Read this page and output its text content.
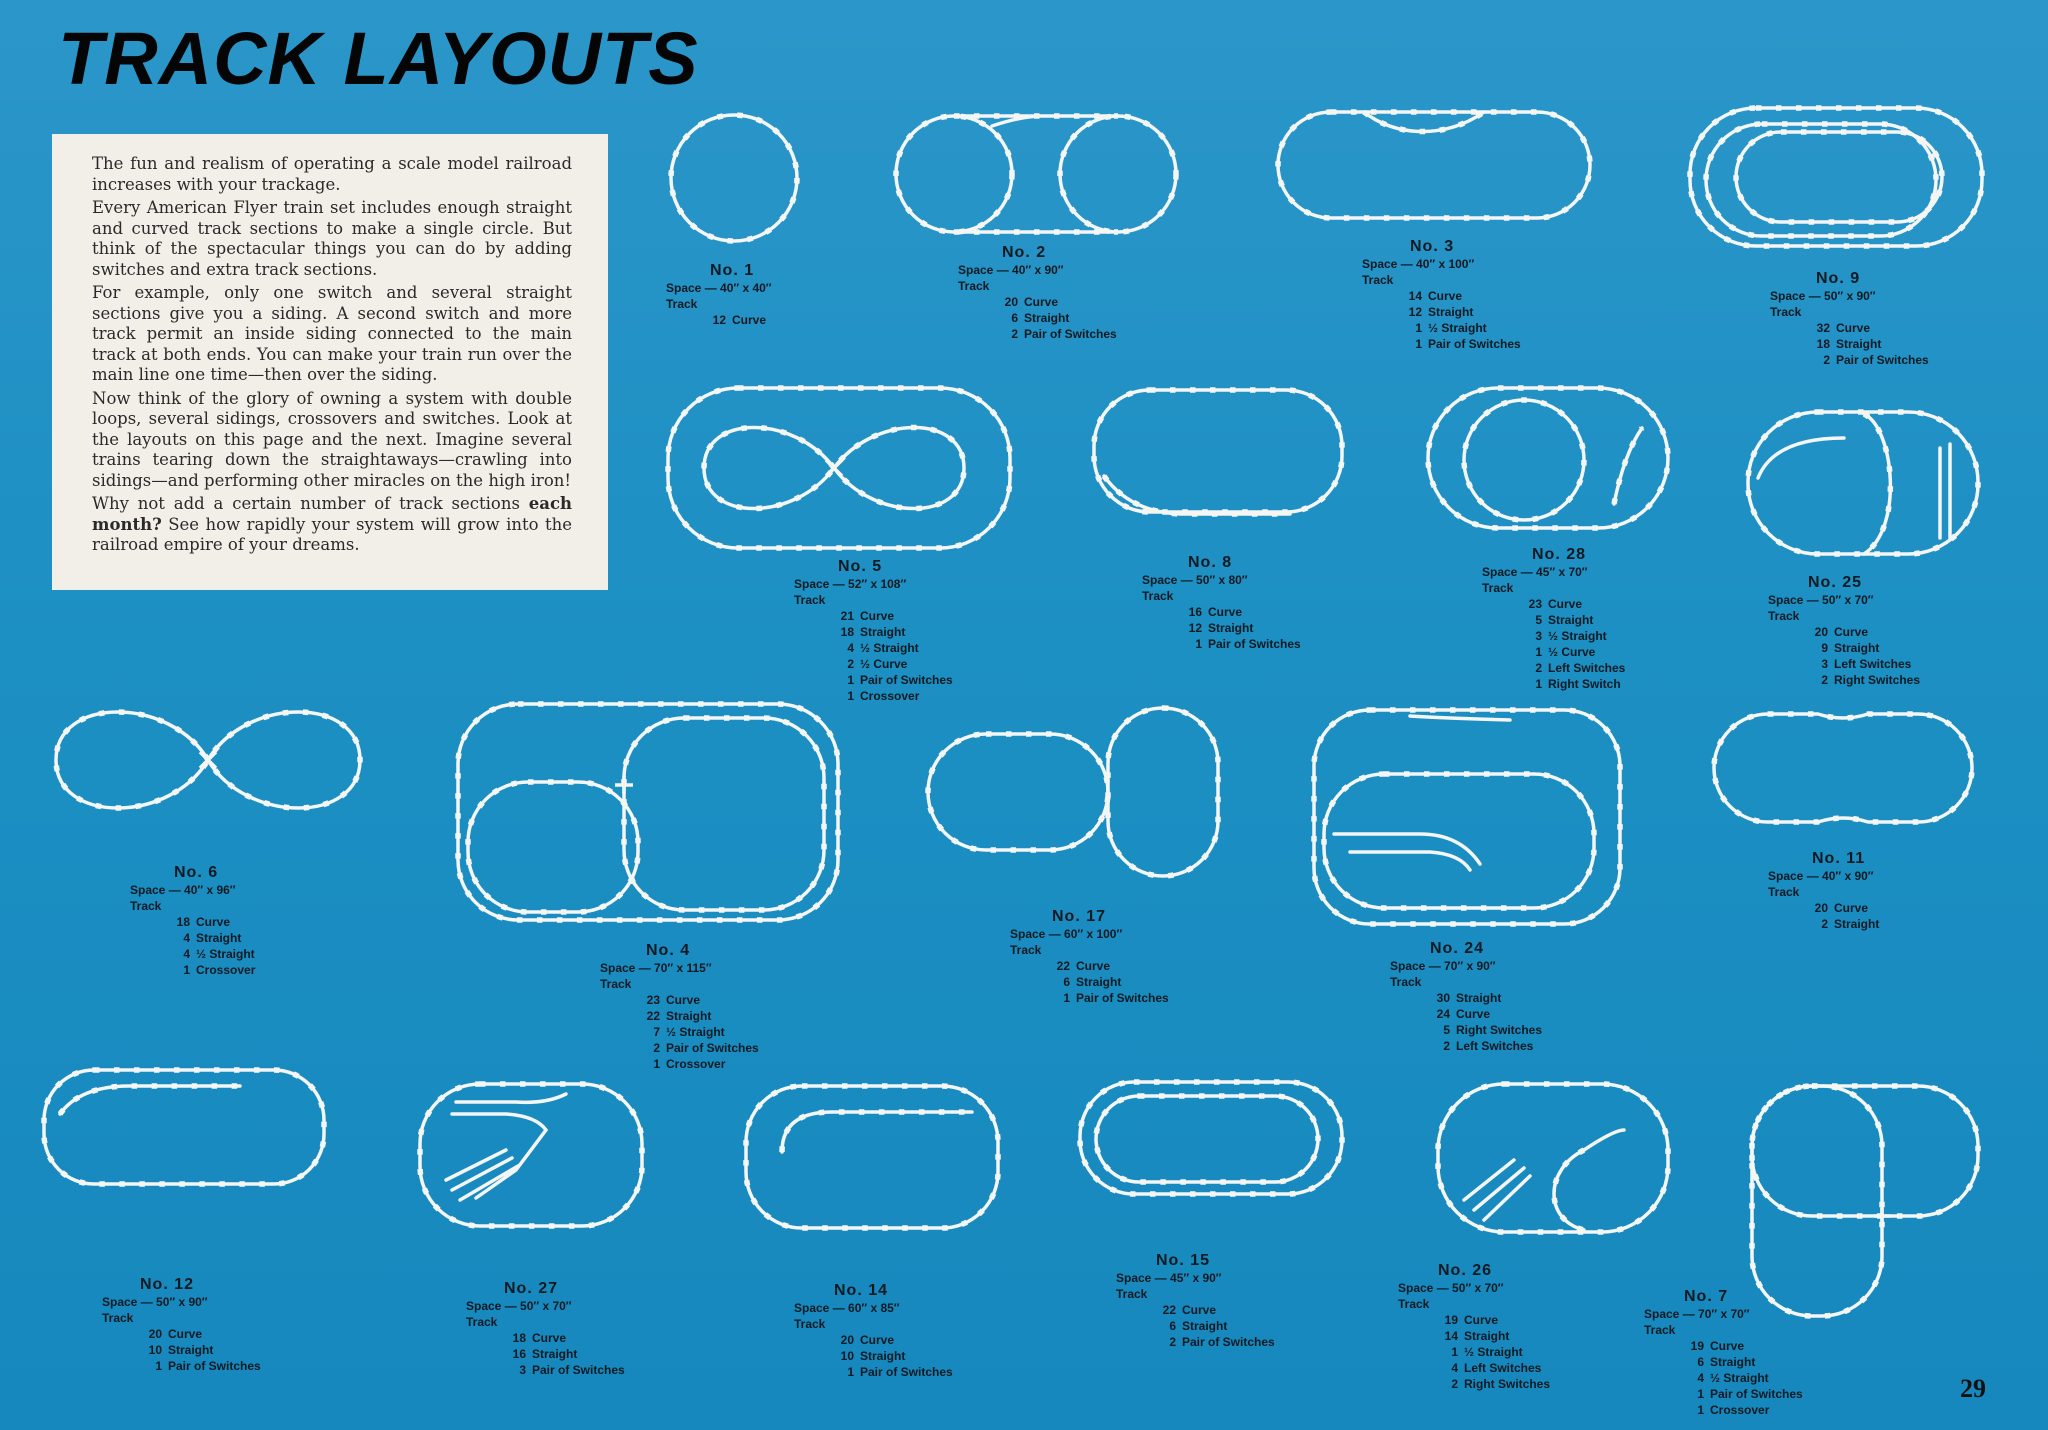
TRACK LAYOUTS

The fun and realism of operating a scale model railroad increases with your trackage.

Every American Flyer train set includes enough straight and curved track sections to make a single circle. But think of the spectacular things you can do by adding switches and extra track sections.

For example, only one switch and several straight sections give you a siding. A second switch and more track permit an inside siding connected to the main track at both ends. You can make your train run over the main line one time—then over the siding.

Now think of the glory of owning a system with double loops, several sidings, crossovers and switches. Look at the layouts on this page and the next. Imagine several trains tearing down the straightaways—crawling into sidings—and performing other miracles on the high iron!

Why not add a certain number of track sections each month? See how rapidly your system will grow into the railroad empire of your dreams.

No. 1
Space — 40″ x 40″
Track
12 Curve
No. 2
Space — 40″ x 90″
Track
20 Curve
6 Straight
2 Pair of Switches
No. 3
Space — 40″ x 100″
Track
14 Curve
12 Straight
1 ½ Straight
1 Pair of Switches
No. 9
Space — 50″ x 90″
Track
32 Curve
18 Straight
2 Pair of Switches
No. 5
Space — 52″ x 108″
Track
21 Curve
18 Straight
4 ½ Straight
2 ½ Curve
1 Pair of Switches
1 Crossover
No. 8
Space — 50″ x 80″
Track
16 Curve
12 Straight
1 Pair of Switches
No. 28
Space — 45″ x 70″
Track
23 Curve
5 Straight
3 ½ Straight
1 ½ Curve
2 Left Switches
1 Right Switch
No. 25
Space — 50″ x 70″
Track
20 Curve
9 Straight
3 Left Switches
2 Right Switches
No. 6
Space — 40″ x 96″
Track
18 Curve
4 Straight
4 ½ Straight
1 Crossover
No. 4
Space — 70″ x 115″
Track
23 Curve
22 Straight
7 ½ Straight
2 Pair of Switches
1 Crossover
No. 17
Space — 60″ x 100″
Track
22 Curve
6 Straight
1 Pair of Switches
No. 24
Space — 70″ x 90″
Track
30 Straight
24 Curve
5 Right Switches
2 Left Switches
No. 11
Space — 40″ x 90″
Track
20 Curve
2 Straight
No. 12
Space — 50″ x 90″
Track
20 Curve
10 Straight
1 Pair of Switches
No. 27
Space — 50″ x 70″
Track
18 Curve
16 Straight
3 Pair of Switches
No. 14
Space — 60″ x 85″
Track
20 Curve
10 Straight
1 Pair of Switches
No. 15
Space — 45″ x 90″
Track
22 Curve
6 Straight
2 Pair of Switches
No. 26
Space — 50″ x 70″
Track
19 Curve
14 Straight
1 ½ Straight
4 Left Switches
2 Right Switches
No. 7
Space — 70″ x 70″
Track
19 Curve
6 Straight
4 ½ Straight
1 Pair of Switches
1 Crossover
29
